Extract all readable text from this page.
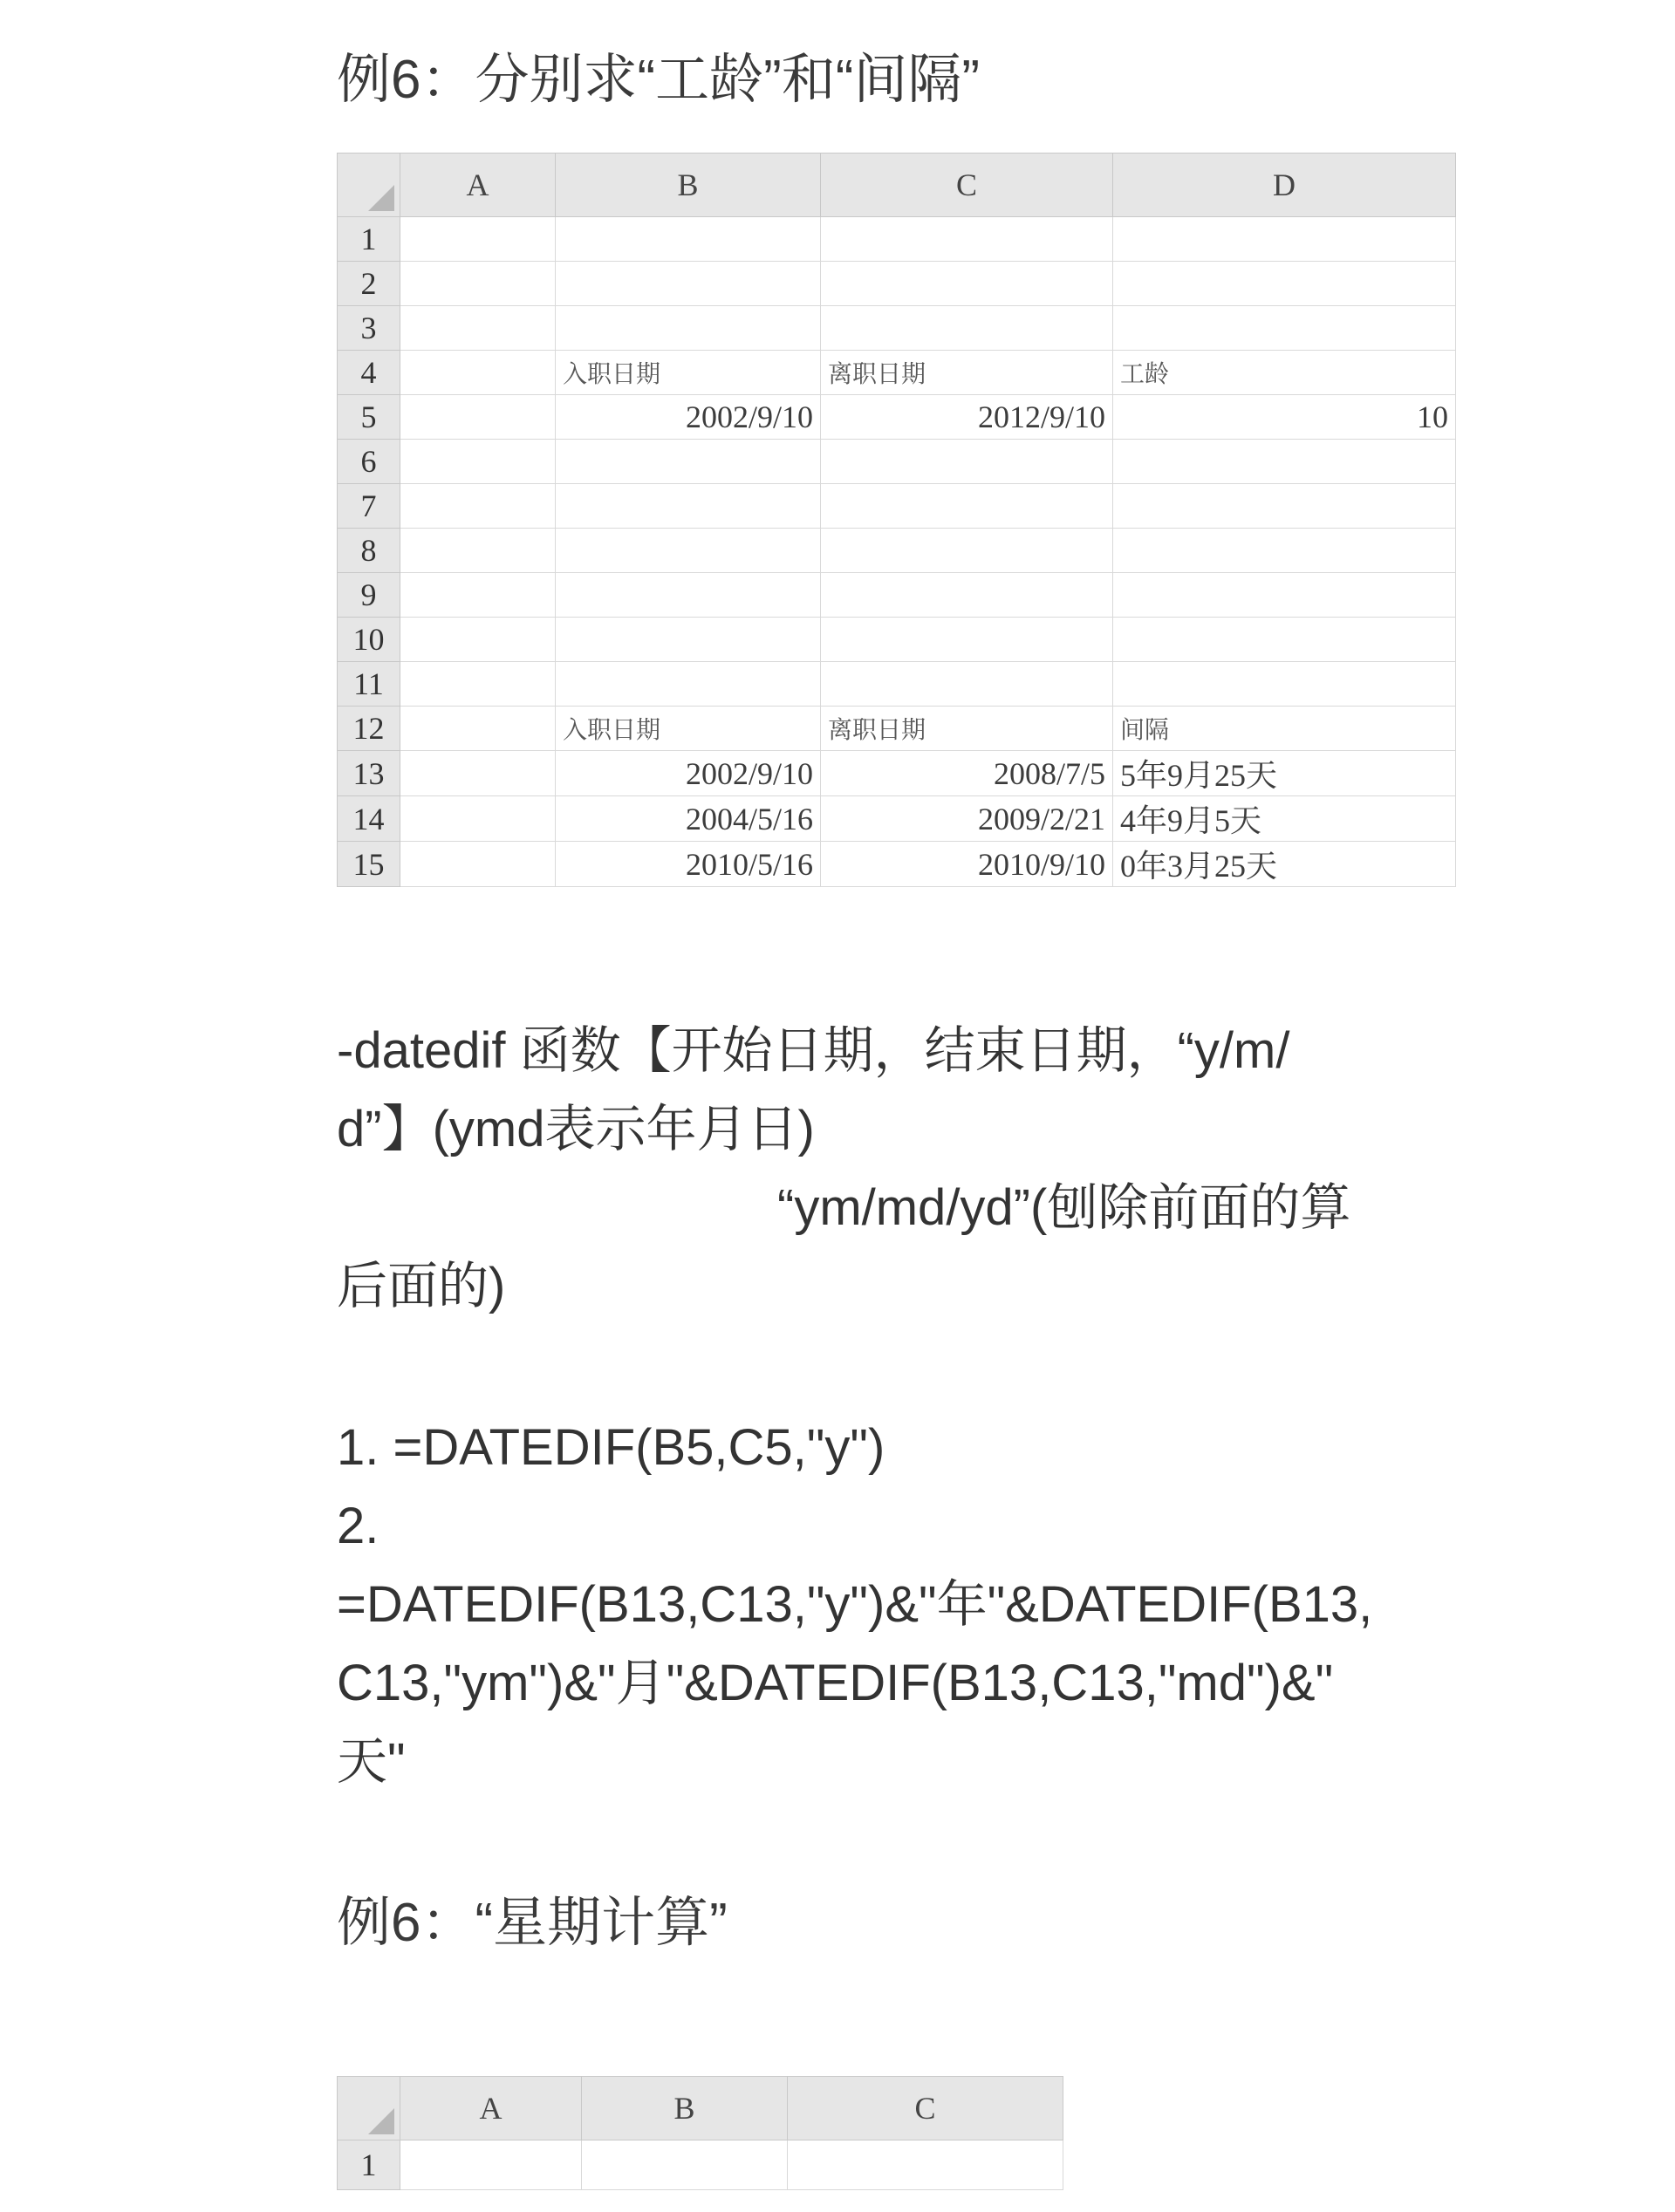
例6：分别求“工龄”和“间隔”
	A	B	C	D
1				
2				
3				
4		入职日期	离职日期	工龄
5		2002/9/10	2012/9/10	10
6				
7				
8				
9				
10				
11				
12		入职日期	离职日期	间隔
13		2002/9/10	2008/7/5	5年9月25天
14		2004/5/16	2009/2/21	4年9月5天
15		2010/5/16	2010/9/10	0年3月25天
-datedif 函数【开始日期，结束日期，“y/m/
d”】(ymd表示年月日)
“ym/md/yd”(刨除前面的算
后面的)
1. =DATEDIF(B5,C5,"y")
2.
=DATEDIF(B13,C13,"y")&"年"&DATEDIF(B13,
C13,"ym")&"月"&DATEDIF(B13,C13,"md")&"
天"
例6：“星期计算”
	A	B	C
1			
